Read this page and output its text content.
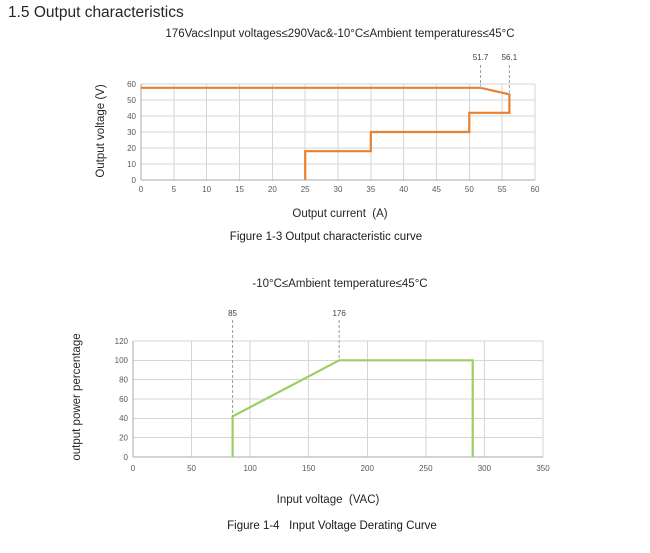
1.5 Output characteristics
176Vac≤Input voltages≤290Vac&-10°C≤Ambient temperatures≤45°C
Output voltage (V)
0	5	10	15	20	25	30	35	40	45	50	55	60
0
10
20
30
40
50
60
51.7 56.1
Output current  (A)
Figure 1-3 Output characteristic curve
-10°C≤Ambient temperature≤45°C
output power percentage
0	50	100	150	200	250	300	350
0
20
40
60
80
100
120
85	176
Input voltage  (VAC)
Figure 1-4   Input Voltage Derating Curve
